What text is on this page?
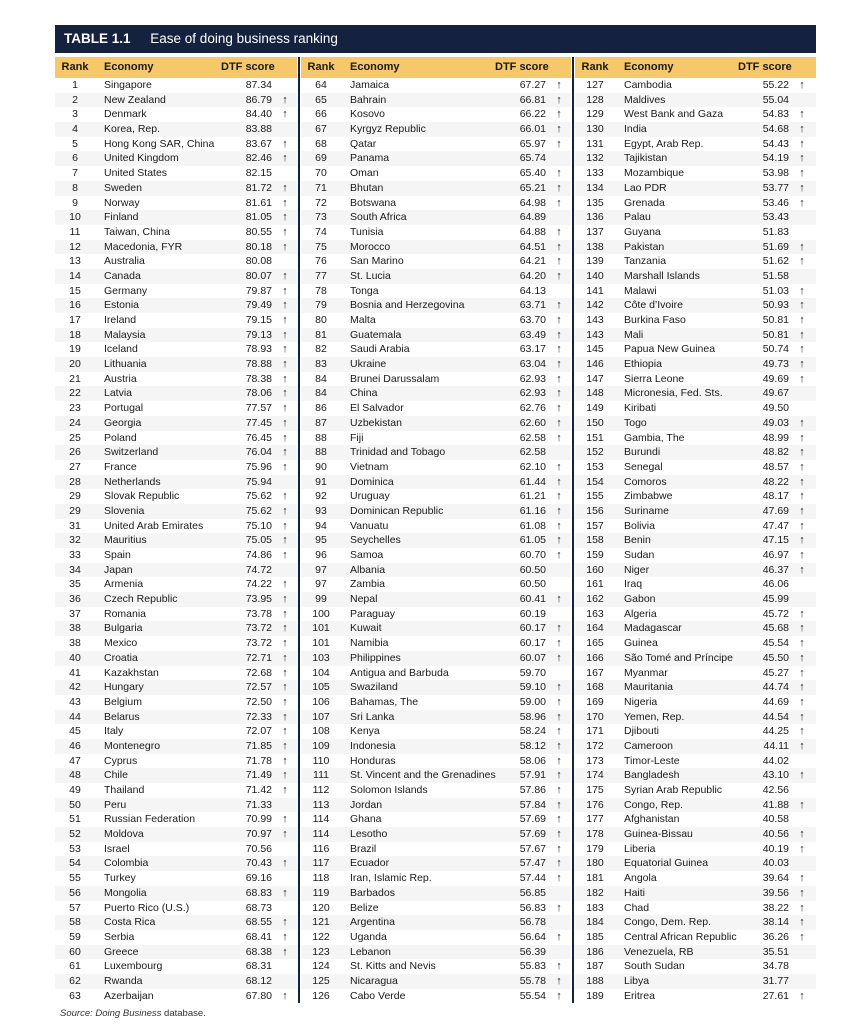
TABLE 1.1 Ease of doing business ranking
Rank	Economy	DTF score
1	Singapore	87.34
2	New Zealand	86.79 ↑
3	Denmark	84.40 ↑
4	Korea, Rep.	83.88
5	Hong Kong SAR, China	83.67 ↑
6	United Kingdom	82.46 ↑
7	United States	82.15
8	Sweden	81.72 ↑
9	Norway	81.61 ↑
10	Finland	81.05 ↑
11	Taiwan, China	80.55 ↑
12	Macedonia, FYR	80.18 ↑
13	Australia	80.08
14	Canada	80.07 ↑
15	Germany	79.87 ↑
16	Estonia	79.49 ↑
17	Ireland	79.15 ↑
18	Malaysia	79.13 ↑
19	Iceland	78.93 ↑
20	Lithuania	78.88 ↑
21	Austria	78.38 ↑
22	Latvia	78.06 ↑
23	Portugal	77.57 ↑
24	Georgia	77.45 ↑
25	Poland	76.45 ↑
26	Switzerland	76.04 ↑
27	France	75.96 ↑
28	Netherlands	75.94
29	Slovak Republic	75.62 ↑
29	Slovenia	75.62 ↑
31	United Arab Emirates	75.10 ↑
32	Mauritius	75.05 ↑
33	Spain	74.86 ↑
34	Japan	74.72
35	Armenia	74.22 ↑
36	Czech Republic	73.95 ↑
37	Romania	73.78 ↑
38	Bulgaria	73.72 ↑
38	Mexico	73.72 ↑
40	Croatia	72.71 ↑
41	Kazakhstan	72.68 ↑
42	Hungary	72.57 ↑
43	Belgium	72.50 ↑
44	Belarus	72.33 ↑
45	Italy	72.07 ↑
46	Montenegro	71.85 ↑
47	Cyprus	71.78 ↑
48	Chile	71.49 ↑
49	Thailand	71.42 ↑
50	Peru	71.33
51	Russian Federation	70.99 ↑
52	Moldova	70.97 ↑
53	Israel	70.56
54	Colombia	70.43 ↑
55	Turkey	69.16
56	Mongolia	68.83 ↑
57	Puerto Rico (U.S.)	68.73
58	Costa Rica	68.55 ↑
59	Serbia	68.41 ↑
60	Greece	68.38 ↑
61	Luxembourg	68.31
62	Rwanda	68.12
63	Azerbaijan	67.80 ↑
Rank	Economy	DTF score
64	Jamaica	67.27 ↑
65	Bahrain	66.81 ↑
66	Kosovo	66.22 ↑
67	Kyrgyz Republic	66.01 ↑
68	Qatar	65.97 ↑
69	Panama	65.74
70	Oman	65.40 ↑
71	Bhutan	65.21 ↑
72	Botswana	64.98 ↑
73	South Africa	64.89
74	Tunisia	64.88 ↑
75	Morocco	64.51 ↑
76	San Marino	64.21 ↑
77	St. Lucia	64.20 ↑
78	Tonga	64.13
79	Bosnia and Herzegovina	63.71 ↑
80	Malta	63.70 ↑
81	Guatemala	63.49 ↑
82	Saudi Arabia	63.17 ↑
83	Ukraine	63.04 ↑
84	Brunei Darussalam	62.93 ↑
84	China	62.93 ↑
86	El Salvador	62.76 ↑
87	Uzbekistan	62.60 ↑
88	Fiji	62.58 ↑
88	Trinidad and Tobago	62.58
90	Vietnam	62.10 ↑
91	Dominica	61.44 ↑
92	Uruguay	61.21 ↑
93	Dominican Republic	61.16 ↑
94	Vanuatu	61.08 ↑
95	Seychelles	61.05 ↑
96	Samoa	60.70 ↑
97	Albania	60.50
97	Zambia	60.50
99	Nepal	60.41 ↑
100	Paraguay	60.19
101	Kuwait	60.17 ↑
101	Namibia	60.17 ↑
103	Philippines	60.07 ↑
104	Antigua and Barbuda	59.70
105	Swaziland	59.10 ↑
106	Bahamas, The	59.00 ↑
107	Sri Lanka	58.96 ↑
108	Kenya	58.24 ↑
109	Indonesia	58.12 ↑
110	Honduras	58.06 ↑
111	St. Vincent and the Grenadines	57.91 ↑
112	Solomon Islands	57.86 ↑
113	Jordan	57.84 ↑
114	Ghana	57.69 ↑
114	Lesotho	57.69 ↑
116	Brazil	57.67 ↑
117	Ecuador	57.47 ↑
118	Iran, Islamic Rep.	57.44 ↑
119	Barbados	56.85
120	Belize	56.83 ↑
121	Argentina	56.78
122	Uganda	56.64 ↑
123	Lebanon	56.39
124	St. Kitts and Nevis	55.83 ↑
125	Nicaragua	55.78 ↑
126	Cabo Verde	55.54 ↑
Rank	Economy	DTF score
127	Cambodia	55.22 ↑
128	Maldives	55.04
129	West Bank and Gaza	54.83 ↑
130	India	54.68 ↑
131	Egypt, Arab Rep.	54.43 ↑
132	Tajikistan	54.19 ↑
133	Mozambique	53.98 ↑
134	Lao PDR	53.77 ↑
135	Grenada	53.46 ↑
136	Palau	53.43
137	Guyana	51.83
138	Pakistan	51.69 ↑
139	Tanzania	51.62 ↑
140	Marshall Islands	51.58
141	Malawi	51.03 ↑
142	Côte d’Ivoire	50.93 ↑
143	Burkina Faso	50.81 ↑
143	Mali	50.81 ↑
145	Papua New Guinea	50.74 ↑
146	Ethiopia	49.73 ↑
147	Sierra Leone	49.69 ↑
148	Micronesia, Fed. Sts.	49.67
149	Kiribati	49.50
150	Togo	49.03 ↑
151	Gambia, The	48.99 ↑
152	Burundi	48.82 ↑
153	Senegal	48.57 ↑
154	Comoros	48.22 ↑
155	Zimbabwe	48.17 ↑
156	Suriname	47.69 ↑
157	Bolivia	47.47 ↑
158	Benin	47.15 ↑
159	Sudan	46.97 ↑
160	Niger	46.37 ↑
161	Iraq	46.06
162	Gabon	45.99
163	Algeria	45.72 ↑
164	Madagascar	45.68 ↑
165	Guinea	45.54 ↑
166	São Tomé and Príncipe	45.50 ↑
167	Myanmar	45.27 ↑
168	Mauritania	44.74 ↑
169	Nigeria	44.69 ↑
170	Yemen, Rep.	44.54 ↑
171	Djibouti	44.25 ↑
172	Cameroon	44.11 ↑
173	Timor-Leste	44.02
174	Bangladesh	43.10 ↑
175	Syrian Arab Republic	42.56
176	Congo, Rep.	41.88 ↑
177	Afghanistan	40.58
178	Guinea-Bissau	40.56 ↑
179	Liberia	40.19 ↑
180	Equatorial Guinea	40.03
181	Angola	39.64 ↑
182	Haiti	39.56 ↑
183	Chad	38.22 ↑
184	Congo, Dem. Rep.	38.14 ↑
185	Central African Republic	36.26 ↑
186	Venezuela, RB	35.51
187	South Sudan	34.78
188	Libya	31.77
189	Eritrea	27.61 ↑
Source: Doing Business database.
